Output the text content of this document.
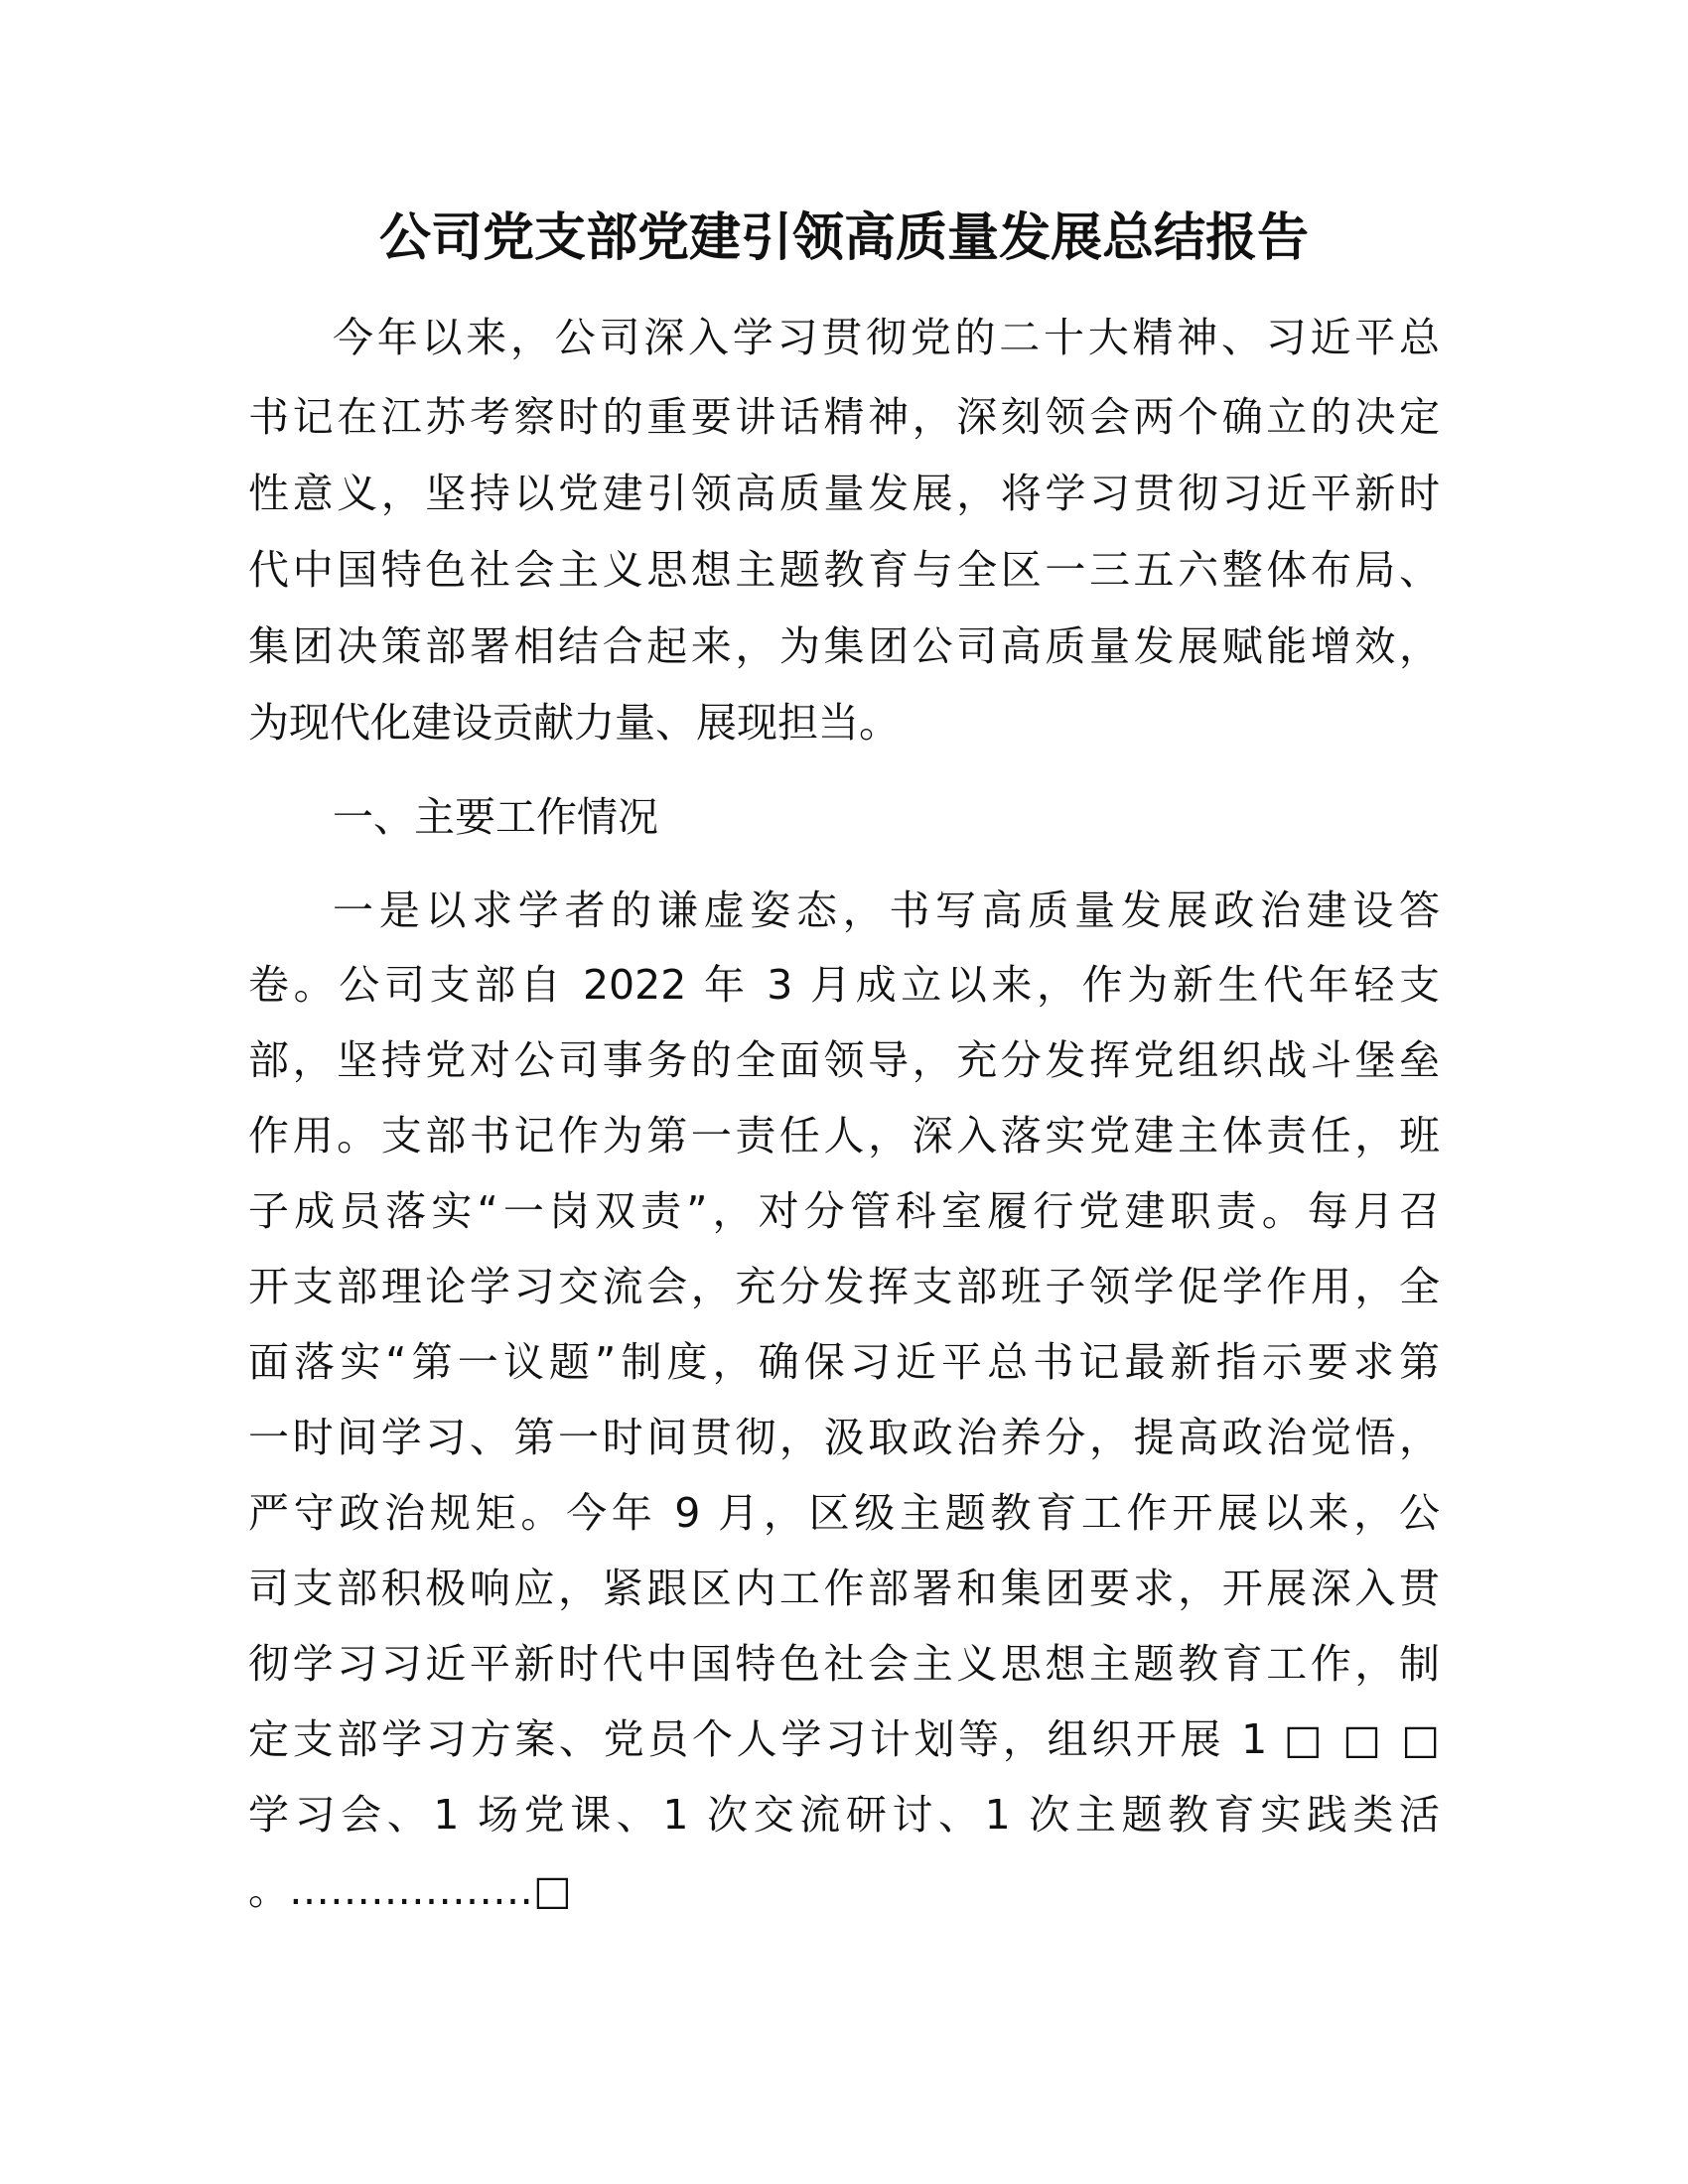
公司党支部党建引领高质量发展总结报告

今年以来，公司深入学习贯彻党的二十大精神、习近平总

书记在江苏考察时的重要讲话精神，深刻领会两个确立的决定

性意义，坚持以党建引领高质量发展，将学习贯彻习近平新时

代中国特色社会主义思想主题教育与全区一三五六整体布局、

集团决策部署相结合起来，为集团公司高质量发展赋能增效，

为现代化建设贡献力量、展现担当。

一、主要工作情况

一是以求学者的谦虚姿态，书写高质量发展政治建设答

卷。公司支部自 2022 年 3 月成立以来，作为新生代年轻支

部，坚持党对公司事务的全面领导，充分发挥党组织战斗堡垒

作用。支部书记作为第一责任人，深入落实党建主体责任，班

子成员落实“一岗双责”，对分管科室履行党建职责。每月召

开支部理论学习交流会，充分发挥支部班子领学促学作用，全

面落实“第一议题”制度，确保习近平总书记最新指示要求第

一时间学习、第一时间贯彻，汲取政治养分，提高政治觉悟，

严守政治规矩。今年 9 月，区级主题教育工作开展以来，公

司支部积极响应，紧跟区内工作部署和集团要求，开展深入贯

彻学习习近平新时代中国特色社会主义思想主题教育工作，制

定支部学习方案、党员个人学习计划等，组织开展 1 □ □ □

学习会、1 场党课、1 次交流研讨、1 次主题教育实践类活

。………………□
